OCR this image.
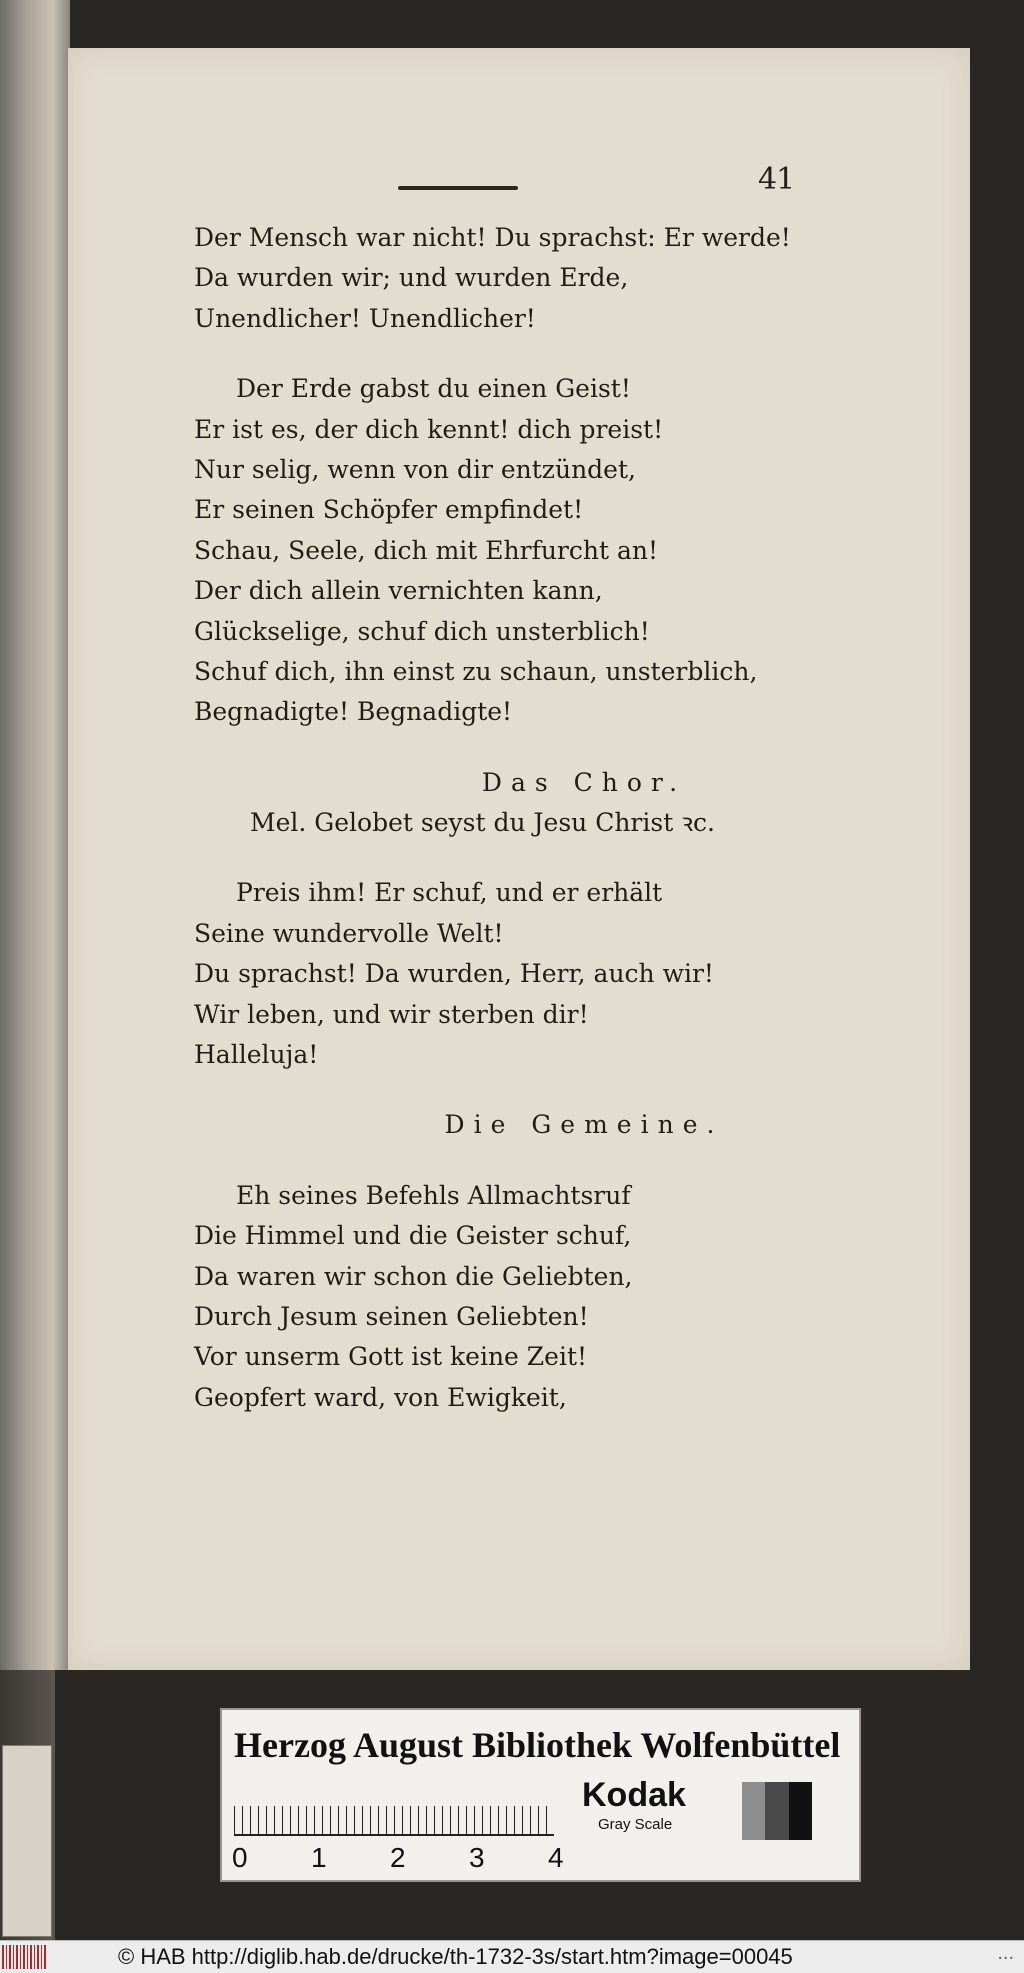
41
Der Mensch war nicht! Du sprachst: Er werde!
Da wurden wir; und wurden Erde,
Unendlicher! Unendlicher!
Der Erde gabst du einen Geist!
Er ist es, der dich kennt! dich preist!
Nur selig, wenn von dir entzündet,
Er seinen Schöpfer empfindet!
Schau, Seele, dich mit Ehrfurcht an!
Der dich allein vernichten kann,
Glückselige, schuf dich unsterblich!
Schuf dich, ihn einst zu schaun, unsterblich,
Begnadigte! Begnadigte!
Das Chor.
Mel. Gelobet seyst du Jesu Christ ꝛc.
Preis ihm! Er schuf, und er erhält
Seine wundervolle Welt!
Du sprachst! Da wurden, Herr, auch wir!
Wir leben, und wir sterben dir!
Halleluja!
Die Gemeine.
Eh seines Befehls Allmachtsruf
Die Himmel und die Geister schuf,
Da waren wir schon die Geliebten,
Durch Jesum seinen Geliebten!
Vor unserm Gott ist keine Zeit!
Geopfert ward, von Ewigkeit,
Herzog August Bibliothek Wolfenbüttel
0 1 2 3 4
Kodak
Gray Scale
© HAB http://diglib.hab.de/drucke/th-1732-3s/start.htm?image=00045	...
